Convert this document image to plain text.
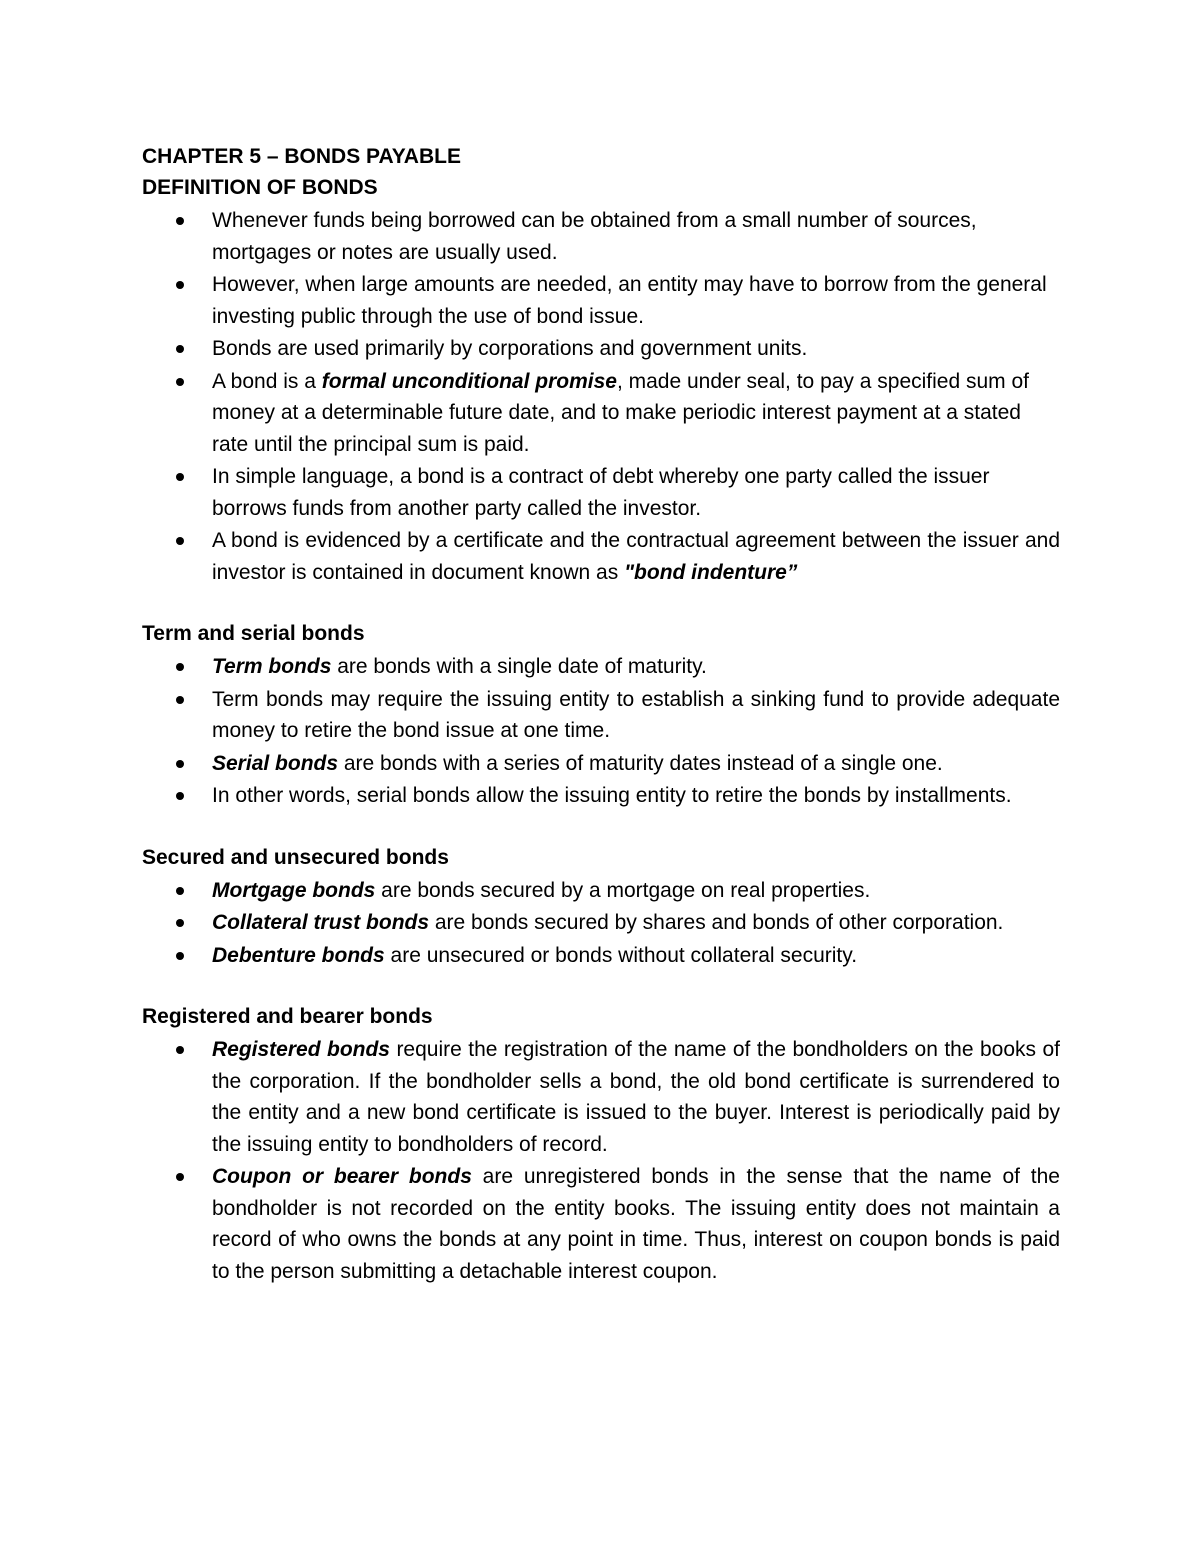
CHAPTER 5 – BONDS PAYABLE

DEFINITION OF BONDS

Whenever funds being borrowed can be obtained from a small number of sources, mortgages or notes are usually used.
However, when large amounts are needed, an entity may have to borrow from the general investing public through the use of bond issue.
Bonds are used primarily by corporations and government units.
A bond is a formal unconditional promise, made under seal, to pay a specified sum of money at a determinable future date, and to make periodic interest payment at a stated rate until the principal sum is paid.
In simple language, a bond is a contract of debt whereby one party called the issuer borrows funds from another party called the investor.
A bond is evidenced by a certificate and the contractual agreement between the issuer and investor is contained in document known as "bond indenture”

Term and serial bonds

Term bonds are bonds with a single date of maturity.
Term bonds may require the issuing entity to establish a sinking fund to provide adequate money to retire the bond issue at one time.
Serial bonds are bonds with a series of maturity dates instead of a single one.
In other words, serial bonds allow the issuing entity to retire the bonds by installments.

Secured and unsecured bonds

Mortgage bonds are bonds secured by a mortgage on real properties.
Collateral trust bonds are bonds secured by shares and bonds of other corporation.
Debenture bonds are unsecured or bonds without collateral security.

Registered and bearer bonds

Registered bonds require the registration of the name of the bondholders on the books of the corporation. If the bondholder sells a bond, the old bond certificate is surrendered to the entity and a new bond certificate is issued to the buyer. Interest is periodically paid by the issuing entity to bondholders of record.
Coupon or bearer bonds are unregistered bonds in the sense that the name of the bondholder is not recorded on the entity books. The issuing entity does not maintain a record of who owns the bonds at any point in time. Thus, interest on coupon bonds is paid to the person submitting a detachable interest coupon.
